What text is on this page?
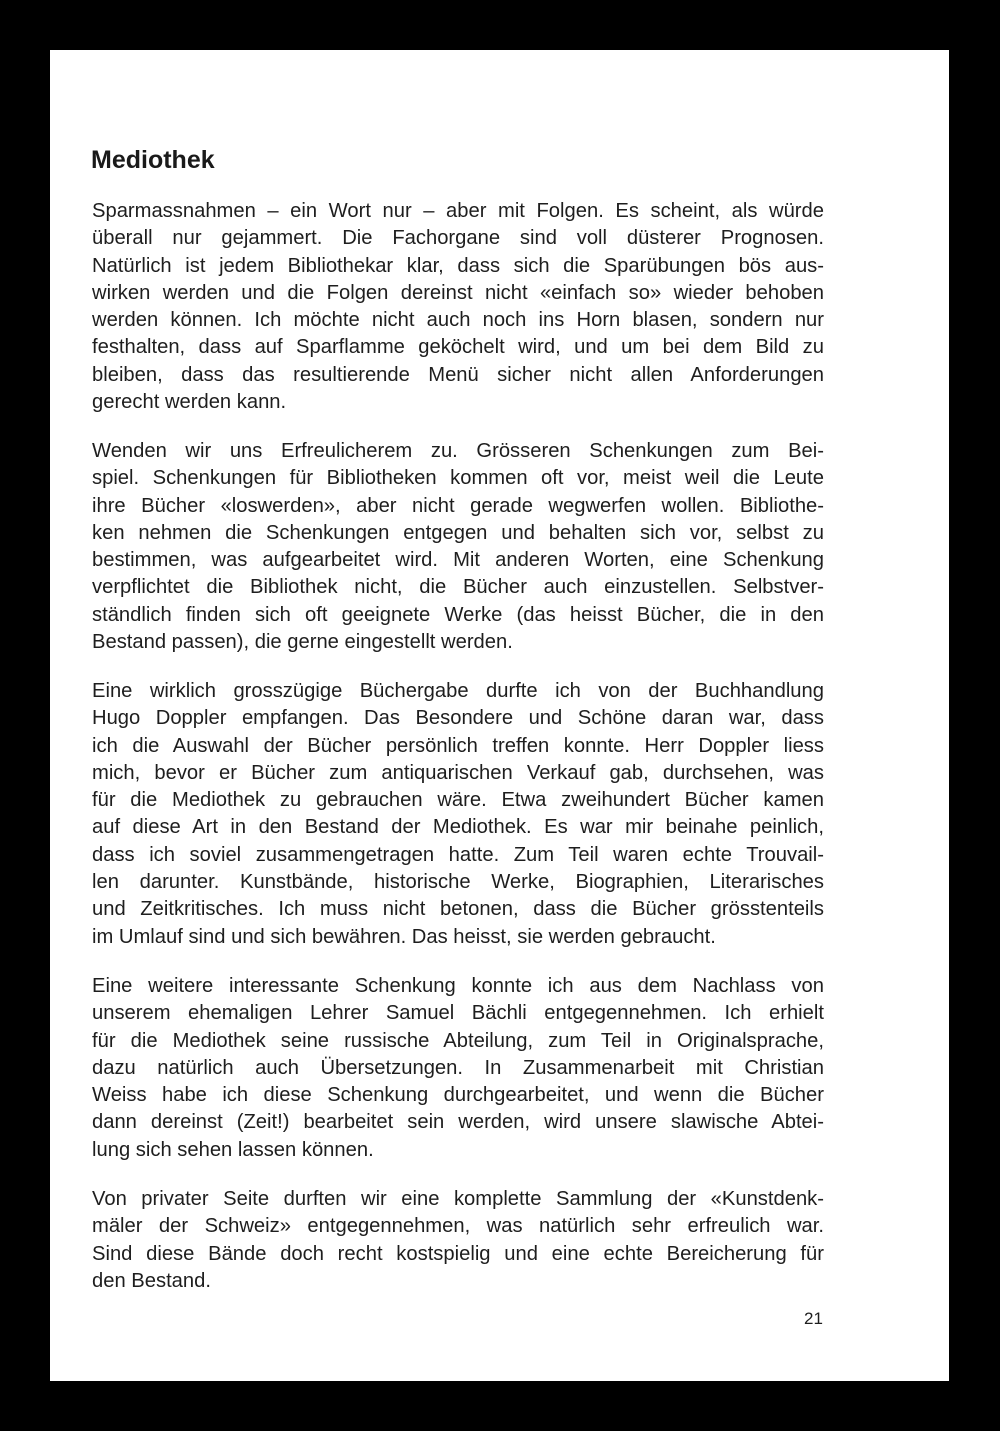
Mediothek
Sparmassnahmen – ein Wort nur – aber mit Folgen. Es scheint, als würde
überall nur gejammert. Die Fachorgane sind voll düsterer Prognosen.
Natürlich ist jedem Bibliothekar klar, dass sich die Sparübungen bös aus-
wirken werden und die Folgen dereinst nicht «einfach so» wieder behoben
werden können. Ich möchte nicht auch noch ins Horn blasen, sondern nur
festhalten, dass auf Sparflamme geköchelt wird, und um bei dem Bild zu
bleiben, dass das resultierende Menü sicher nicht allen Anforderungen
gerecht werden kann.
Wenden wir uns Erfreulicherem zu. Grösseren Schenkungen zum Bei-
spiel. Schenkungen für Bibliotheken kommen oft vor, meist weil die Leute
ihre Bücher «loswerden», aber nicht gerade wegwerfen wollen. Bibliothe-
ken nehmen die Schenkungen entgegen und behalten sich vor, selbst zu
bestimmen, was aufgearbeitet wird. Mit anderen Worten, eine Schenkung
verpflichtet die Bibliothek nicht, die Bücher auch einzustellen. Selbstver-
ständlich finden sich oft geeignete Werke (das heisst Bücher, die in den
Bestand passen), die gerne eingestellt werden.
Eine wirklich grosszügige Büchergabe durfte ich von der Buchhandlung
Hugo Doppler empfangen. Das Besondere und Schöne daran war, dass
ich die Auswahl der Bücher persönlich treffen konnte. Herr Doppler liess
mich, bevor er Bücher zum antiquarischen Verkauf gab, durchsehen, was
für die Mediothek zu gebrauchen wäre. Etwa zweihundert Bücher kamen
auf diese Art in den Bestand der Mediothek. Es war mir beinahe peinlich,
dass ich soviel zusammengetragen hatte. Zum Teil waren echte Trouvail-
len darunter. Kunstbände, historische Werke, Biographien, Literarisches
und Zeitkritisches. Ich muss nicht betonen, dass die Bücher grösstenteils
im Umlauf sind und sich bewähren. Das heisst, sie werden gebraucht.
Eine weitere interessante Schenkung konnte ich aus dem Nachlass von
unserem ehemaligen Lehrer Samuel Bächli entgegennehmen. Ich erhielt
für die Mediothek seine russische Abteilung, zum Teil in Originalsprache,
dazu natürlich auch Übersetzungen. In Zusammenarbeit mit Christian
Weiss habe ich diese Schenkung durchgearbeitet, und wenn die Bücher
dann dereinst (Zeit!) bearbeitet sein werden, wird unsere slawische Abtei-
lung sich sehen lassen können.
Von privater Seite durften wir eine komplette Sammlung der «Kunstdenk-
mäler der Schweiz» entgegennehmen, was natürlich sehr erfreulich war.
Sind diese Bände doch recht kostspielig und eine echte Bereicherung für
den Bestand.
21
